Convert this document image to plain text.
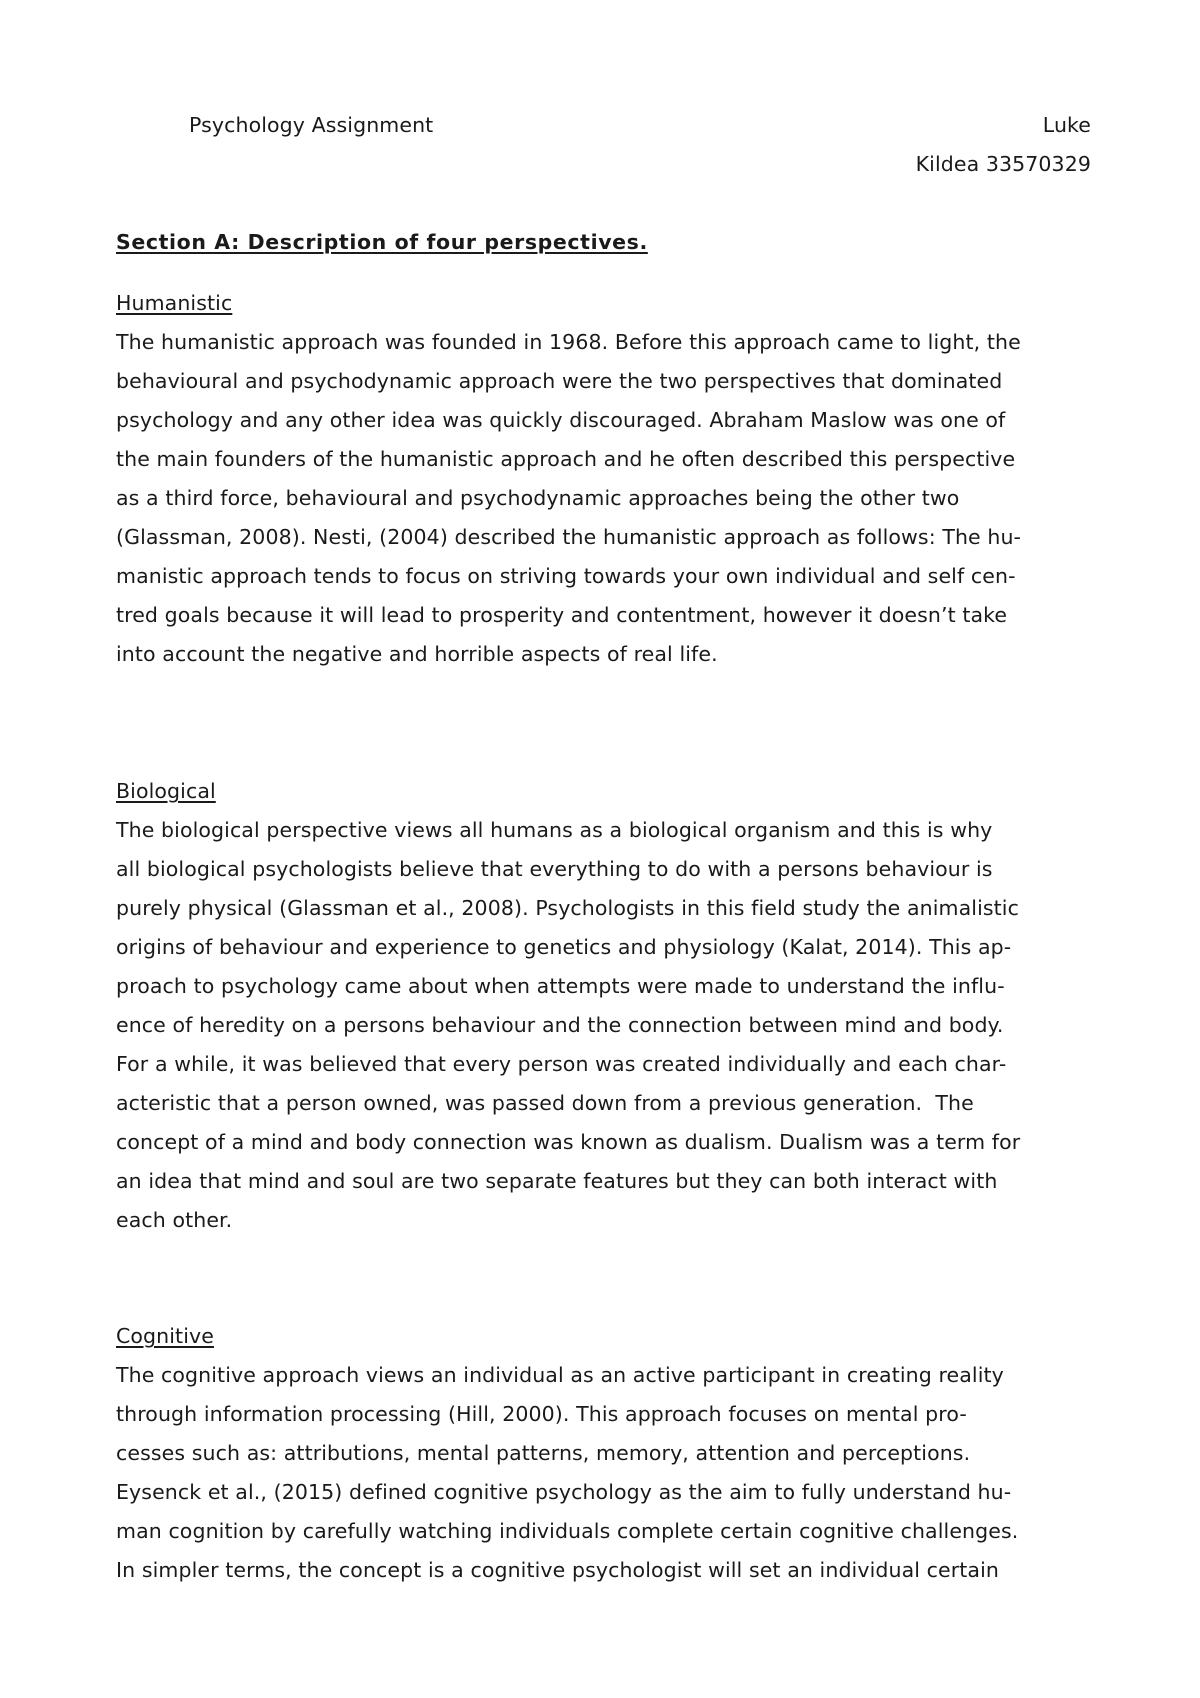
Psychology Assignment	Luke
Kildea 33570329
Section A: Description of four perspectives.
Humanistic
The humanistic approach was founded in 1968. Before this approach came to light, the
behavioural and psychodynamic approach were the two perspectives that dominated
psychology and any other idea was quickly discouraged. Abraham Maslow was one of
the main founders of the humanistic approach and he often described this perspective
as a third force, behavioural and psychodynamic approaches being the other two
(Glassman, 2008). Nesti, (2004) described the humanistic approach as follows: The hu-
manistic approach tends to focus on striving towards your own individual and self cen-
tred goals because it will lead to prosperity and contentment, however it doesn’t take
into account the negative and horrible aspects of real life.
Biological
The biological perspective views all humans as a biological organism and this is why
all biological psychologists believe that everything to do with a persons behaviour is
purely physical (Glassman et al., 2008). Psychologists in this field study the animalistic
origins of behaviour and experience to genetics and physiology (Kalat, 2014). This ap-
proach to psychology came about when attempts were made to understand the influ-
ence of heredity on a persons behaviour and the connection between mind and body.
For a while, it was believed that every person was created individually and each char-
acteristic that a person owned, was passed down from a previous generation.  The
concept of a mind and body connection was known as dualism. Dualism was a term for
an idea that mind and soul are two separate features but they can both interact with
each other.
Cognitive
The cognitive approach views an individual as an active participant in creating reality
through information processing (Hill, 2000). This approach focuses on mental pro-
cesses such as: attributions, mental patterns, memory, attention and perceptions.
Eysenck et al., (2015) defined cognitive psychology as the aim to fully understand hu-
man cognition by carefully watching individuals complete certain cognitive challenges.
In simpler terms, the concept is a cognitive psychologist will set an individual certain
